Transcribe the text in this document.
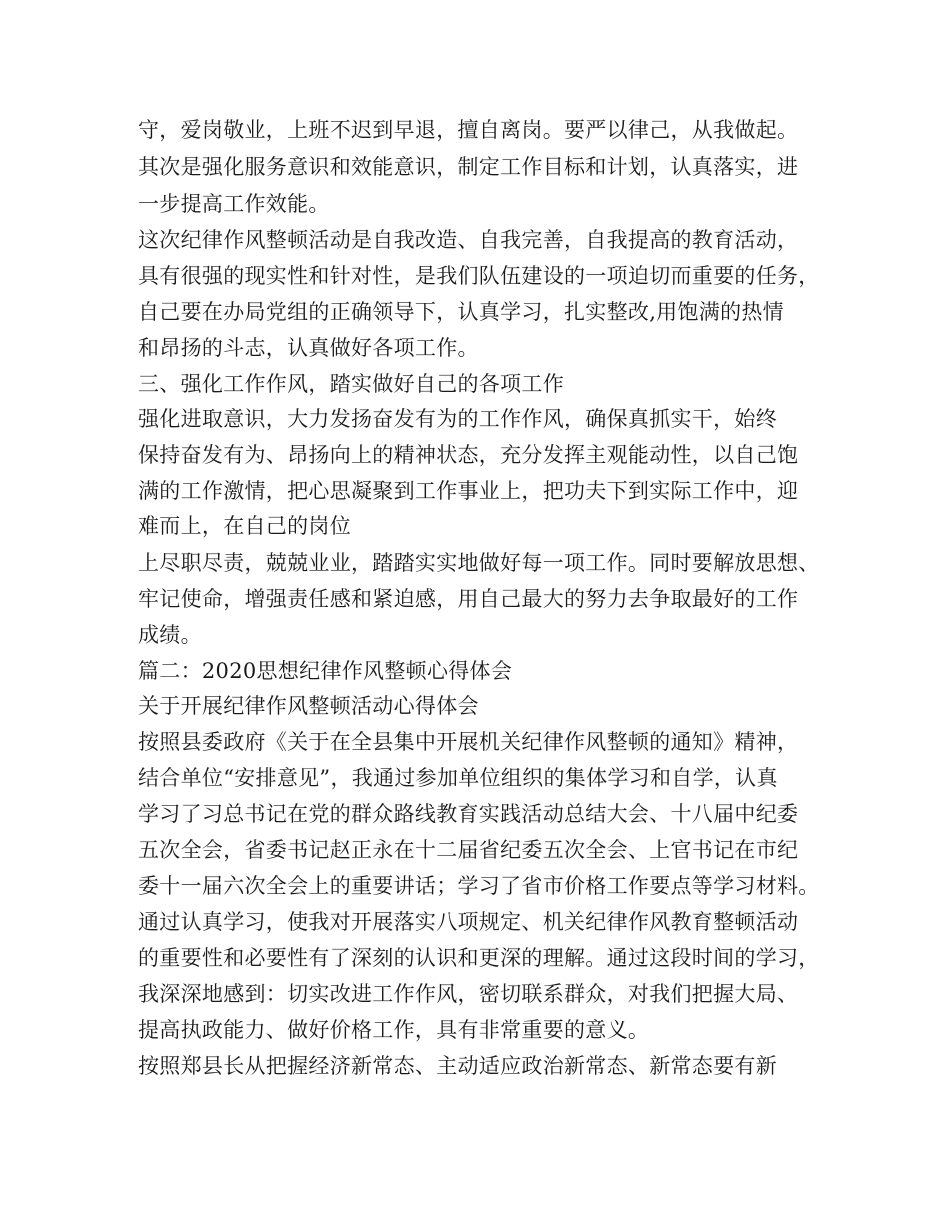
守，爱岗敬业，上班不迟到早退，擅自离岗。要严以律己，从我做起。
其次是强化服务意识和效能意识，制定工作目标和计划，认真落实，进
一步提高工作效能。
这次纪律作风整顿活动是自我改造、自我完善，自我提高的教育活动，
具有很强的现实性和针对性，是我们队伍建设的一项迫切而重要的任务，
自己要在办局党组的正确领导下，认真学习，扎实整改,用饱满的热情
和昂扬的斗志，认真做好各项工作。
三、强化工作作风，踏实做好自己的各项工作
强化进取意识，大力发扬奋发有为的工作作风，确保真抓实干，始终
保持奋发有为、昂扬向上的精神状态，充分发挥主观能动性，以自己饱
满的工作激情，把心思凝聚到工作事业上，把功夫下到实际工作中，迎
难而上，在自己的岗位
上尽职尽责，兢兢业业，踏踏实实地做好每一项工作。同时要解放思想、
牢记使命，增强责任感和紧迫感，用自己最大的努力去争取最好的工作
成绩。
篇二：2020思想纪律作风整顿心得体会
关于开展纪律作风整顿活动心得体会
按照县委政府《关于在全县集中开展机关纪律作风整顿的通知》精神，
结合单位“安排意见”，我通过参加单位组织的集体学习和自学，认真
学习了习总书记在党的群众路线教育实践活动总结大会、十八届中纪委
五次全会，省委书记赵正永在十二届省纪委五次全会、上官书记在市纪
委十一届六次全会上的重要讲话；学习了省市价格工作要点等学习材料。
通过认真学习，使我对开展落实八项规定、机关纪律作风教育整顿活动
的重要性和必要性有了深刻的认识和更深的理解。通过这段时间的学习，
我深深地感到：切实改进工作作风，密切联系群众，对我们把握大局、
提高执政能力、做好价格工作，具有非常重要的意义。
按照郑县长从把握经济新常态、主动适应政治新常态、新常态要有新
